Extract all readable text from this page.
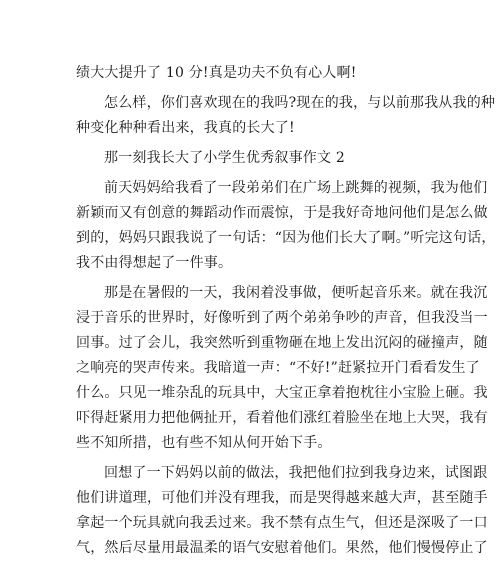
绩大大提升了 10 分!真是功夫不负有心人啊!
怎么样，你们喜欢现在的我吗?现在的我，与以前那我从我的种
种变化种种看出来，我真的长大了!
那一刻我长大了小学生优秀叙事作文 2
前天妈妈给我看了一段弟弟们在广场上跳舞的视频，我为他们
新颖而又有创意的舞蹈动作而震惊，于是我好奇地问他们是怎么做
到的，妈妈只跟我说了一句话：“因为他们长大了啊。”听完这句话，
我不由得想起了一件事。
那是在暑假的一天，我闲着没事做，便听起音乐来。就在我沉
浸于音乐的世界时，好像听到了两个弟弟争吵的声音，但我没当一
回事。过了会儿，我突然听到重物砸在地上发出沉闷的碰撞声，随
之响亮的哭声传来。我暗道一声：“不好!”赶紧拉开门看看发生了
什么。只见一堆杂乱的玩具中，大宝正拿着抱枕往小宝脸上砸。我
吓得赶紧用力把他俩扯开，看着他们涨红着脸坐在地上大哭，我有
些不知所措，也有些不知从何开始下手。
回想了一下妈妈以前的做法，我把他们拉到我身边来，试图跟
他们讲道理，可他们并没有理我，而是哭得越来越大声，甚至随手
拿起一个玩具就向我丢过来。我不禁有点生气，但还是深吸了一口
气，然后尽量用最温柔的语气安慰着他们。果然，他们慢慢停止了
